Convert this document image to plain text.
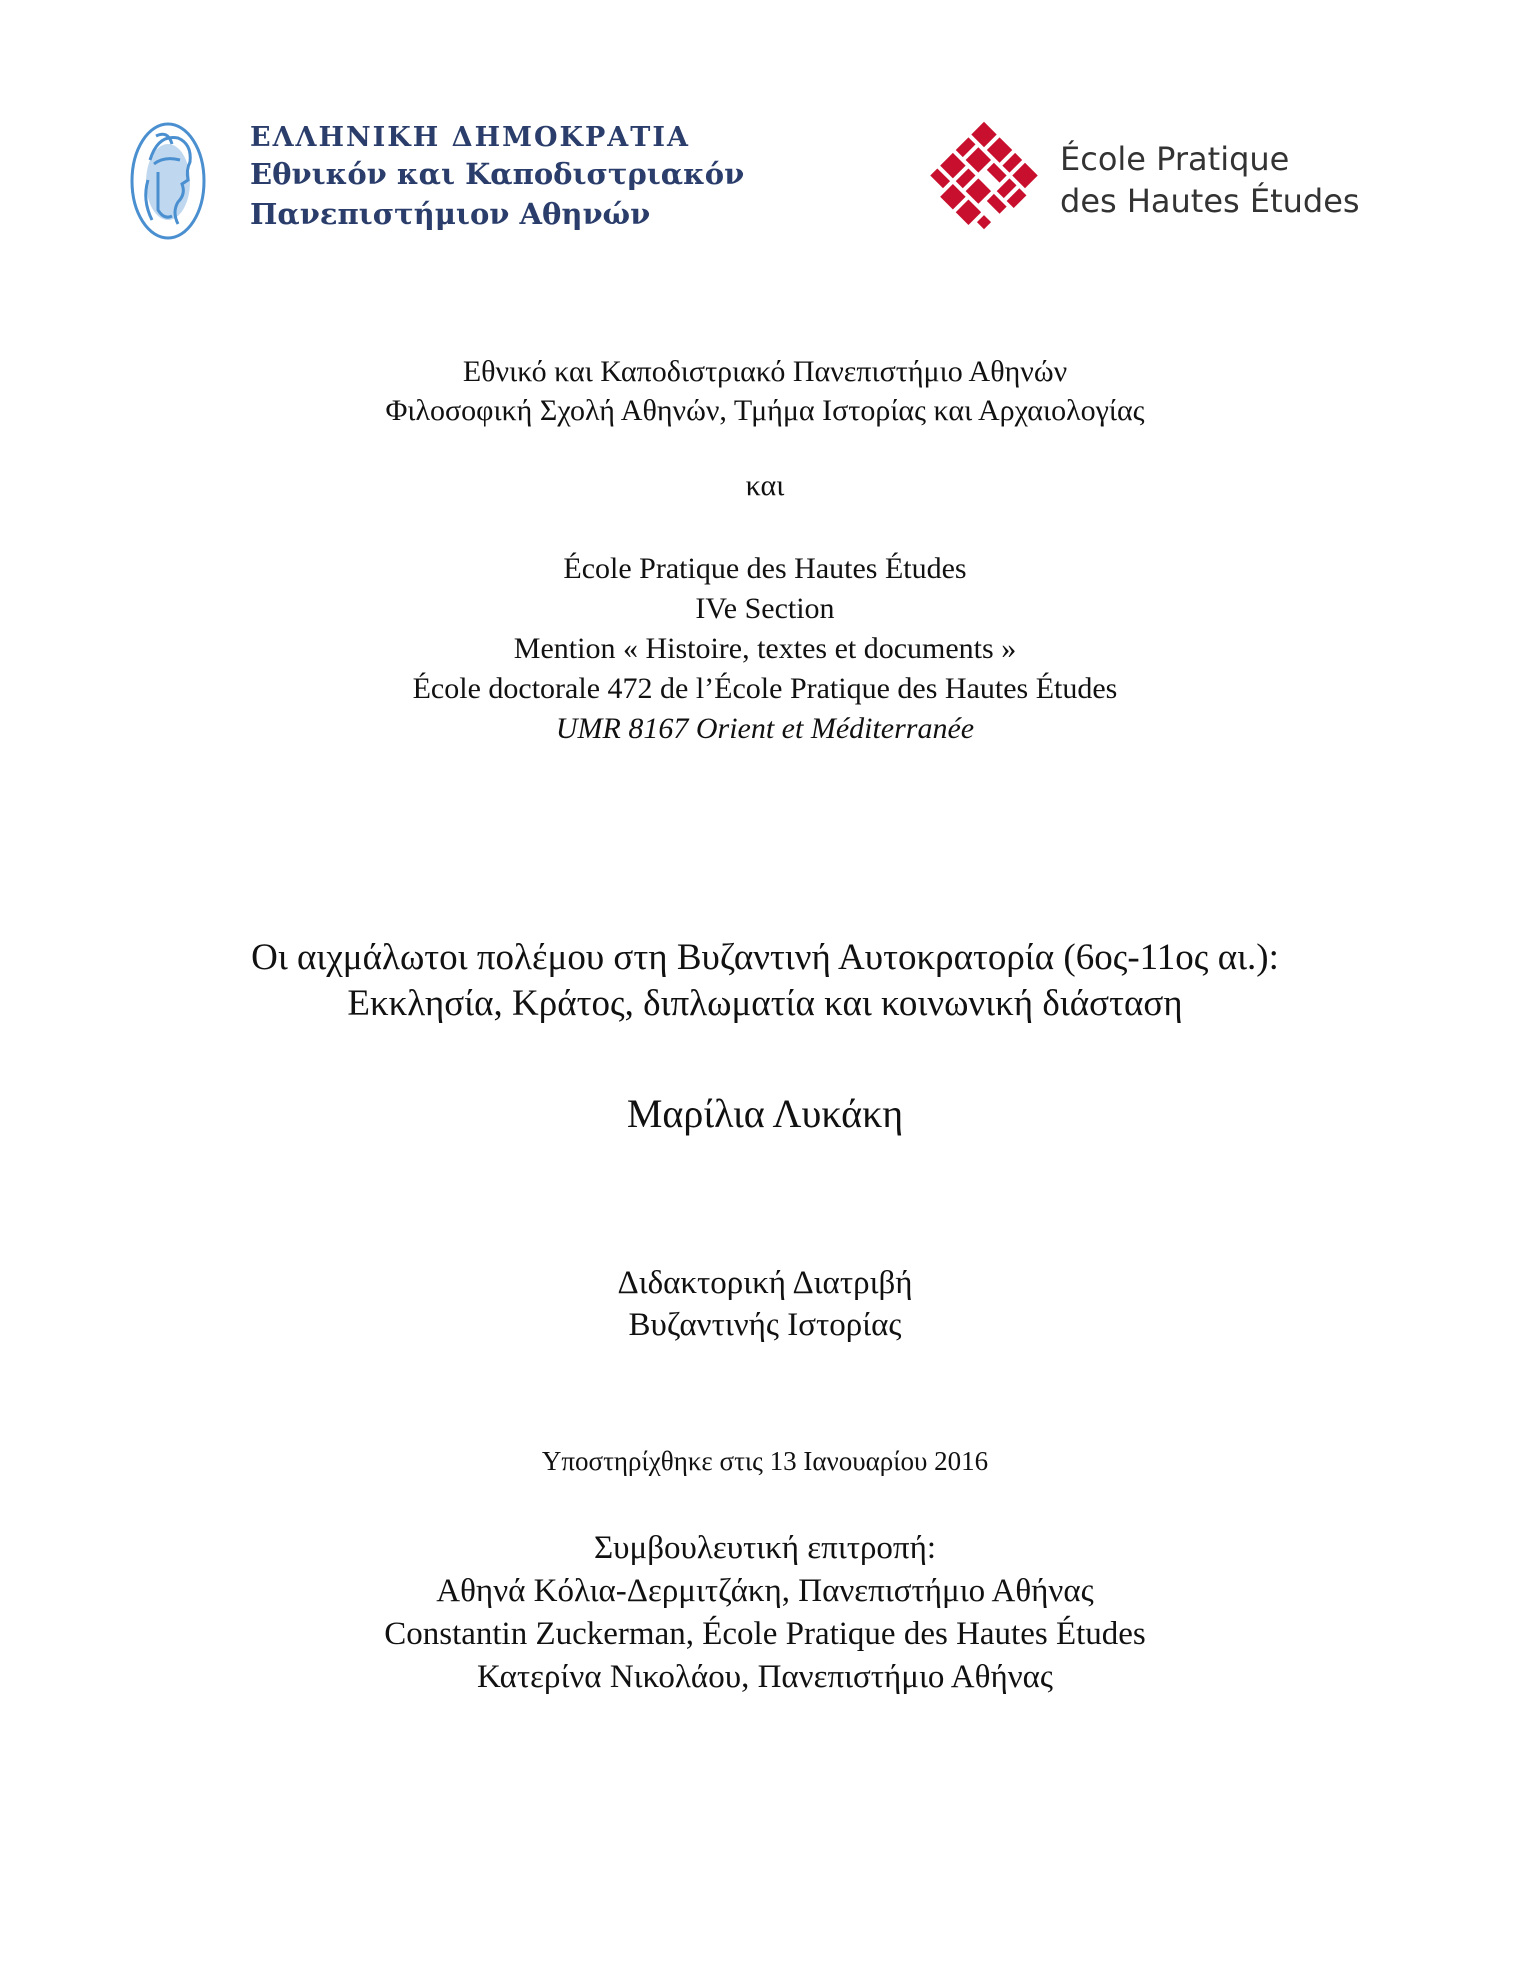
ΕΛΛΗΝΙΚΗ ΔΗΜΟΚΡΑΤΙΑ
Εθνικόν και Καποδιστριακόν
Πανεπιστήμιον Αθηνών
École Pratique
des Hautes Études
Εθνικό και Καποδιστριακό Πανεπιστήμιο Αθηνών
Φιλοσοφική Σχολή Αθηνών, Τμήμα Ιστορίας και Αρχαιολογίας
και
École Pratique des Hautes Études
IVe Section
Mention « Histoire, textes et documents »
École doctorale 472 de l’École Pratique des Hautes Études
UMR 8167 Orient et Méditerranée
Οι αιχμάλωτοι πολέμου στη Βυζαντινή Αυτοκρατορία (6ος-11ος αι.):
Εκκλησία, Κράτος, διπλωματία και κοινωνική διάσταση
Μαρίλια Λυκάκη
Διδακτορική Διατριβή
Βυζαντινής Ιστορίας
Υποστηρίχθηκε στις 13 Ιανουαρίου 2016
Συμβουλευτική επιτροπή:
Αθηνά Κόλια-Δερμιτζάκη, Πανεπιστήμιο Αθήνας
Constantin Zuckerman, École Pratique des Hautes Études
Κατερίνα Νικολάου, Πανεπιστήμιο Αθήνας
